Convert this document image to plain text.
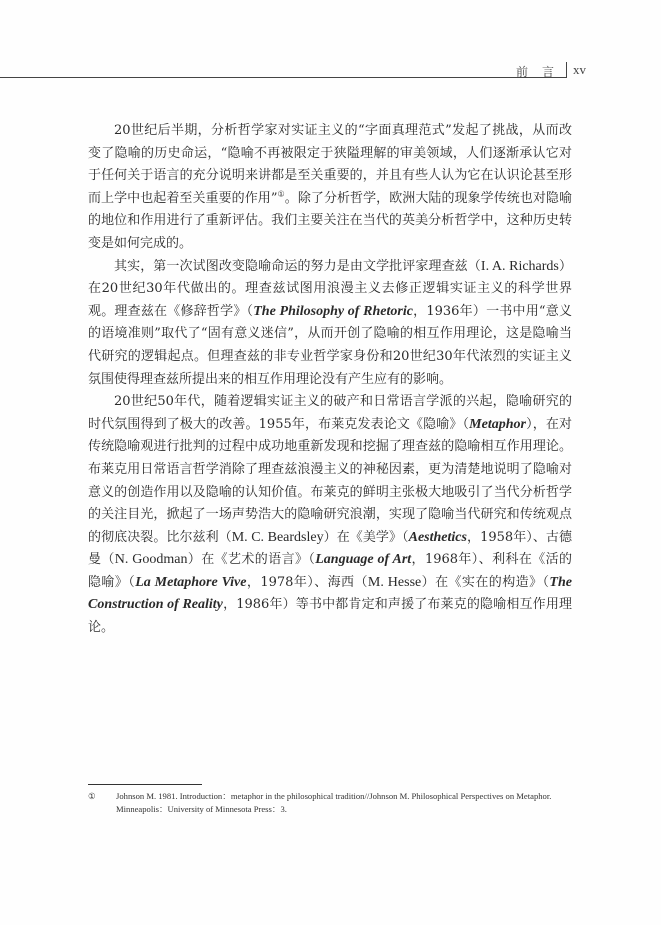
前言 xv

20世纪后半期，分析哲学家对实证主义的“字面真理范式”发起了挑战，从而改变了隐喻的历史命运，“隐喻不再被限定于狭隘理解的审美领域，人们逐渐承认它对于任何关于语言的充分说明来讲都是至关重要的，并且有些人认为它在认识论甚至形而上学中也起着至关重要的作用”①。除了分析哲学，欧洲大陆的现象学传统也对隐喻的地位和作用进行了重新评估。我们主要关注在当代的英美分析哲学中，这种历史转变是如何完成的。

其实，第一次试图改变隐喻命运的努力是由文学批评家理查兹（I. A. Richards）在20世纪30年代做出的。理查兹试图用浪漫主义去修正逻辑实证主义的科学世界观。理查兹在《修辞哲学》（The Philosophy of Rhetoric，1936年）一书中用“意义的语境准则”取代了“固有意义迷信”，从而开创了隐喻的相互作用理论，这是隐喻当代研究的逻辑起点。但理查兹的非专业哲学家身份和20世纪30年代浓烈的实证主义氛围使得理查兹所提出来的相互作用理论没有产生应有的影响。

20世纪50年代，随着逻辑实证主义的破产和日常语言学派的兴起，隐喻研究的时代氛围得到了极大的改善。1955年，布莱克发表论文《隐喻》（Metaphor），在对传统隐喻观进行批判的过程中成功地重新发现和挖掘了理查兹的隐喻相互作用理论。布莱克用日常语言哲学消除了理查兹浪漫主义的神秘因素，更为清楚地说明了隐喻对意义的创造作用以及隐喻的认知价值。布莱克的鲜明主张极大地吸引了当代分析哲学的关注目光，掀起了一场声势浩大的隐喻研究浪潮，实现了隐喻当代研究和传统观点的彻底决裂。比尔兹利（M. C. Beardsley）在《美学》（Aesthetics，1958年）、古德曼（N. Goodman）在《艺术的语言》（Language of Art，1968年）、利科在《活的隐喻》（La Metaphore Vive，1978年）、海西（M. Hesse）在《实在的构造》（The Construction of Reality，1986年）等书中都肯定和声援了布莱克的隐喻相互作用理论。

① Johnson M. 1981. Introduction：metaphor in the philosophical tradition//Johnson M. Philosophical Perspectives on Metaphor. Minneapolis：University of Minnesota Press：3.
